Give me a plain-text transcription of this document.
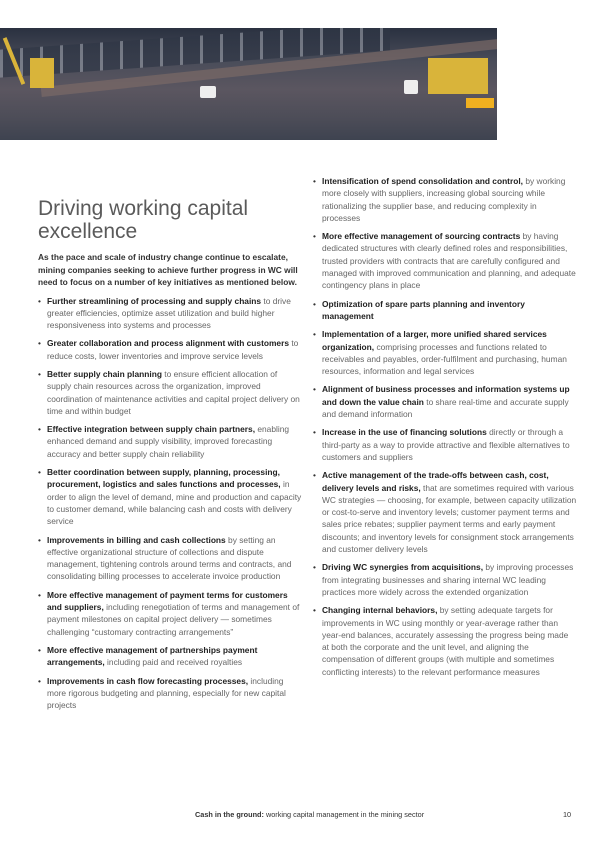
Driving working capital excellence

As the pace and scale of industry change continue to escalate, mining companies seeking to achieve further progress in WC will need to focus on a number of key initiatives as mentioned below.

• Further streamlining of processing and supply chains to drive greater efficiencies, optimize asset utilization and build higher responsiveness into systems and processes
• Greater collaboration and process alignment with customers to reduce costs, lower inventories and improve service levels
• Better supply chain planning to ensure efficient allocation of supply chain resources across the organization, improved coordination of maintenance activities and capital project delivery on time and within budget
• Effective integration between supply chain partners, enabling enhanced demand and supply visibility, improved forecasting accuracy and better supply chain reliability
• Better coordination between supply, planning, processing, procurement, logistics and sales functions and processes, in order to align the level of demand, mine and production and capacity to customer demand, while balancing cash and costs with delivery service
• Improvements in billing and cash collections by setting an effective organizational structure of collections and dispute management, tightening controls around terms and contracts, and consolidating billing processes to accelerate invoice production
• More effective management of payment terms for customers and suppliers, including renegotiation of terms and management of payment milestones on capital project delivery — sometimes challenging “customary contracting arrangements”
• More effective management of partnerships payment arrangements, including paid and received royalties
• Improvements in cash flow forecasting processes, including more rigorous budgeting and planning, especially for new capital projects
• Intensification of spend consolidation and control, by working more closely with suppliers, increasing global sourcing while rationalizing the supplier base, and reducing complexity in processes
• More effective management of sourcing contracts by having dedicated structures with clearly defined roles and responsibilities, trusted providers with contracts that are carefully configured and managed with improved communication and planning, and adequate contingency plans in place
• Optimization of spare parts planning and inventory management
• Implementation of a larger, more unified shared services organization, comprising processes and functions related to receivables and payables, order-fulfilment and purchasing, human resources, information and legal services
• Alignment of business processes and information systems up and down the value chain to share real-time and accurate supply and demand information
• Increase in the use of financing solutions directly or through a third-party as a way to provide attractive and flexible alternatives to customers and suppliers
• Active management of the trade-offs between cash, cost, delivery levels and risks, that are sometimes required with various WC strategies — choosing, for example, between capacity utilization or cost-to-serve and inventory levels; customer payment terms and sales price rebates; supplier payment terms and early payment discounts; and inventory levels for consignment stock arrangements and customer delivery levels
• Driving WC synergies from acquisitions, by improving processes from integrating businesses and sharing internal WC leading practices more widely across the extended organization
• Changing internal behaviors, by setting adequate targets for improvements in WC using monthly or year-average rather than year-end balances, accurately assessing the progress being made at both the corporate and the unit level, and aligning the compensation of different groups (with multiple and sometimes conflicting interests) to the relevant performance measures
Cash in the ground: working capital management in the mining sector	10
